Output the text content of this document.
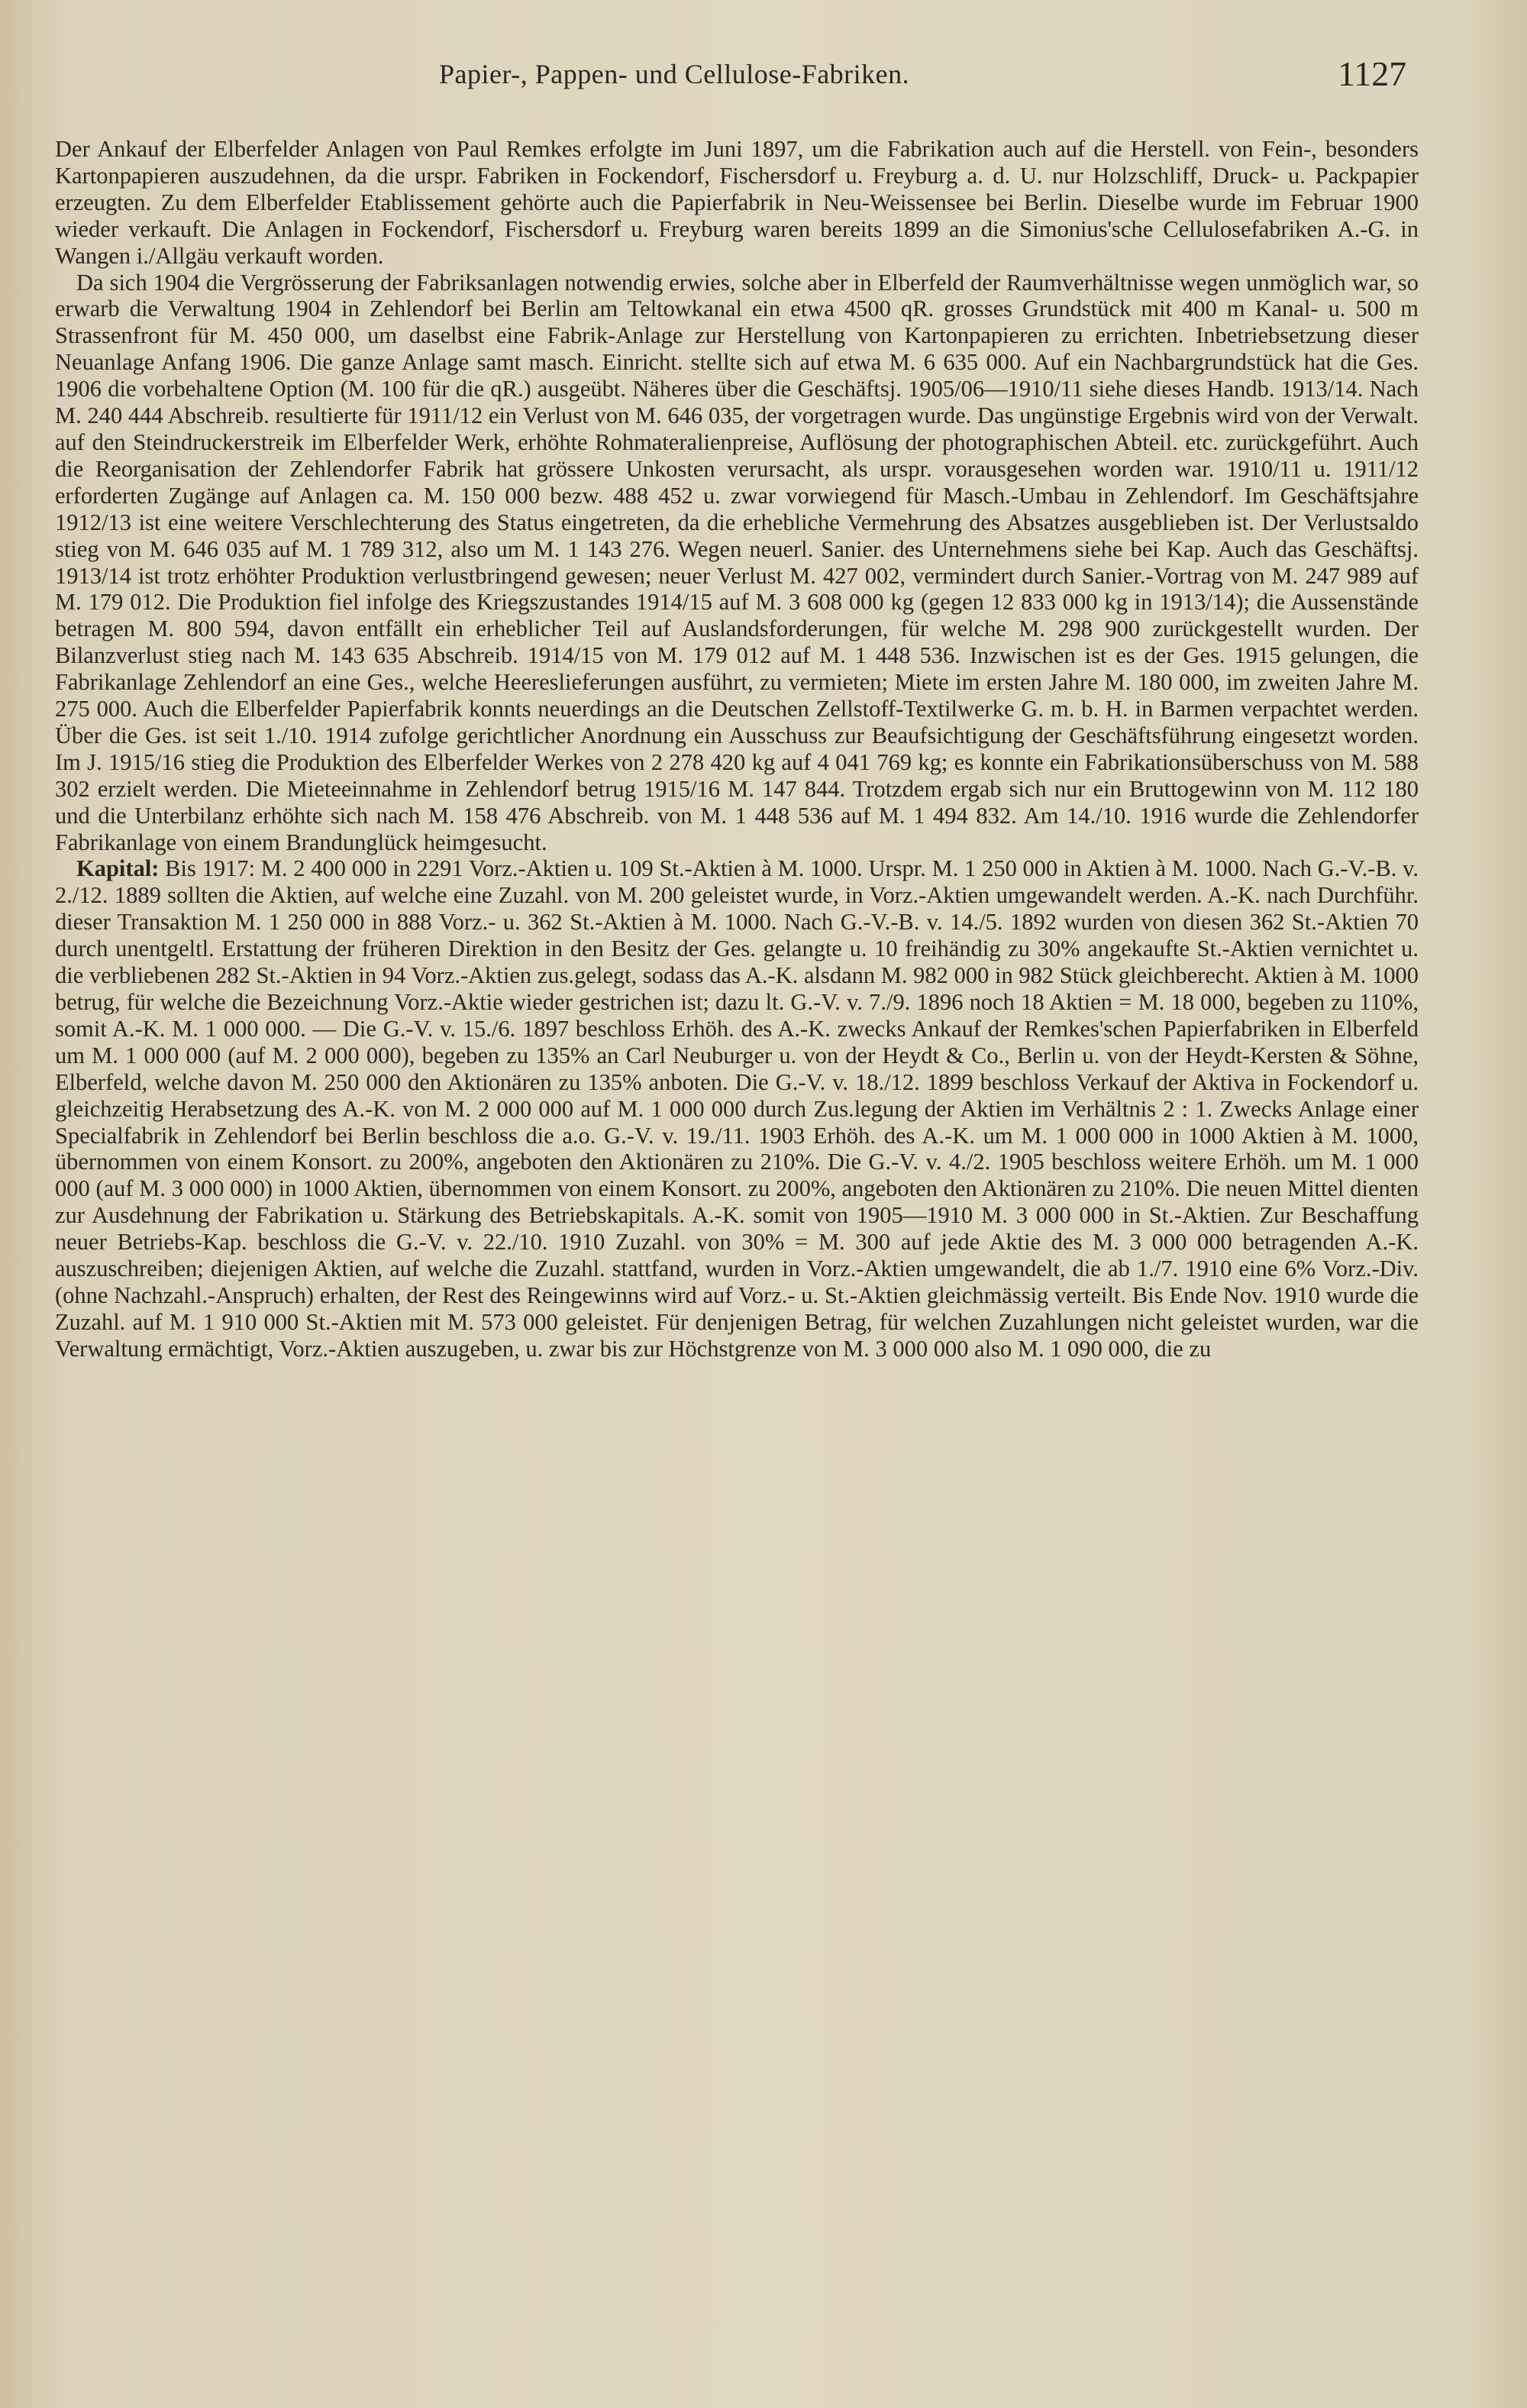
Papier-, Pappen- und Cellulose-Fabriken.	1127

Der Ankauf der Elberfelder Anlagen von Paul Remkes erfolgte im Juni 1897, um die Fabrikation auch auf die Herstell. von Fein-, besonders Kartonpapieren auszudehnen, da die urspr. Fabriken in Fockendorf, Fischersdorf u. Freyburg a. d. U. nur Holzschliff, Druck- u. Packpapier erzeugten. Zu dem Elberfelder Etablissement gehörte auch die Papierfabrik in Neu-Weissensee bei Berlin. Dieselbe wurde im Februar 1900 wieder verkauft. Die Anlagen in Fockendorf, Fischersdorf u. Freyburg waren bereits 1899 an die Simonius'sche Cellulosefabriken A.-G. in Wangen i./Allgäu verkauft worden.

Da sich 1904 die Vergrösserung der Fabriksanlagen notwendig erwies, solche aber in Elberfeld der Raumverhältnisse wegen unmöglich war, so erwarb die Verwaltung 1904 in Zehlendorf bei Berlin am Teltowkanal ein etwa 4500 qR. grosses Grundstück mit 400 m Kanal- u. 500 m Strassenfront für M. 450 000, um daselbst eine Fabrik-Anlage zur Herstellung von Kartonpapieren zu errichten. Inbetriebsetzung dieser Neuanlage Anfang 1906. Die ganze Anlage samt masch. Einricht. stellte sich auf etwa M. 6 635 000. Auf ein Nachbargrundstück hat die Ges. 1906 die vorbehaltene Option (M. 100 für die qR.) ausgeübt. Näheres über die Geschäftsj. 1905/06—1910/11 siehe dieses Handb. 1913/14. Nach M. 240 444 Abschreib. resultierte für 1911/12 ein Verlust von M. 646 035, der vorgetragen wurde. Das ungünstige Ergebnis wird von der Verwalt. auf den Steindruckerstreik im Elberfelder Werk, erhöhte Rohmateralienpreise, Auflösung der photographischen Abteil. etc. zurückgeführt. Auch die Reorganisation der Zehlendorfer Fabrik hat grössere Unkosten verursacht, als urspr. vorausgesehen worden war. 1910/11 u. 1911/12 erforderten Zugänge auf Anlagen ca. M. 150 000 bezw. 488 452 u. zwar vorwiegend für Masch.-Umbau in Zehlendorf. Im Geschäftsjahre 1912/13 ist eine weitere Verschlechterung des Status eingetreten, da die erhebliche Vermehrung des Absatzes ausgeblieben ist. Der Verlustsaldo stieg von M. 646 035 auf M. 1 789 312, also um M. 1 143 276. Wegen neuerl. Sanier. des Unternehmens siehe bei Kap. Auch das Geschäftsj. 1913/14 ist trotz erhöhter Produktion verlustbringend gewesen; neuer Verlust M. 427 002, vermindert durch Sanier.-Vortrag von M. 247 989 auf M. 179 012. Die Produktion fiel infolge des Kriegszustandes 1914/15 auf M. 3 608 000 kg (gegen 12 833 000 kg in 1913/14); die Aussenstände betragen M. 800 594, davon entfällt ein erheblicher Teil auf Auslandsforderungen, für welche M. 298 900 zurückgestellt wurden. Der Bilanzverlust stieg nach M. 143 635 Abschreib. 1914/15 von M. 179 012 auf M. 1 448 536. Inzwischen ist es der Ges. 1915 gelungen, die Fabrikanlage Zehlendorf an eine Ges., welche Heereslieferungen ausführt, zu vermieten; Miete im ersten Jahre M. 180 000, im zweiten Jahre M. 275 000. Auch die Elberfelder Papierfabrik konnts neuerdings an die Deutschen Zellstoff-Textilwerke G. m. b. H. in Barmen verpachtet werden. Über die Ges. ist seit 1./10. 1914 zufolge gerichtlicher Anordnung ein Ausschuss zur Beaufsichtigung der Geschäftsführung eingesetzt worden. Im J. 1915/16 stieg die Produktion des Elberfelder Werkes von 2 278 420 kg auf 4 041 769 kg; es konnte ein Fabrikationsüberschuss von M. 588 302 erzielt werden. Die Mieteeinnahme in Zehlendorf betrug 1915/16 M. 147 844. Trotzdem ergab sich nur ein Bruttogewinn von M. 112 180 und die Unterbilanz erhöhte sich nach M. 158 476 Abschreib. von M. 1 448 536 auf M. 1 494 832. Am 14./10. 1916 wurde die Zehlendorfer Fabrikanlage von einem Brandunglück heimgesucht.

Kapital: Bis 1917: M. 2 400 000 in 2291 Vorz.-Aktien u. 109 St.-Aktien à M. 1000. Urspr. M. 1 250 000 in Aktien à M. 1000. Nach G.-V.-B. v. 2./12. 1889 sollten die Aktien, auf welche eine Zuzahl. von M. 200 geleistet wurde, in Vorz.-Aktien umgewandelt werden. A.-K. nach Durchführ. dieser Transaktion M. 1 250 000 in 888 Vorz.- u. 362 St.-Aktien à M. 1000. Nach G.-V.-B. v. 14./5. 1892 wurden von diesen 362 St.-Aktien 70 durch unentgeltl. Erstattung der früheren Direktion in den Besitz der Ges. gelangte u. 10 freihändig zu 30% angekaufte St.-Aktien vernichtet u. die verbliebenen 282 St.-Aktien in 94 Vorz.-Aktien zus.gelegt, sodass das A.-K. alsdann M. 982 000 in 982 Stück gleichberecht. Aktien à M. 1000 betrug, für welche die Bezeichnung Vorz.-Aktie wieder gestrichen ist; dazu lt. G.-V. v. 7./9. 1896 noch 18 Aktien = M. 18 000, begeben zu 110%, somit A.-K. M. 1 000 000. — Die G.-V. v. 15./6. 1897 beschloss Erhöh. des A.-K. zwecks Ankauf der Remkes'schen Papierfabriken in Elberfeld um M. 1 000 000 (auf M. 2 000 000), begeben zu 135% an Carl Neuburger u. von der Heydt & Co., Berlin u. von der Heydt-Kersten & Söhne, Elberfeld, welche davon M. 250 000 den Aktionären zu 135% anboten. Die G.-V. v. 18./12. 1899 beschloss Verkauf der Aktiva in Fockendorf u. gleichzeitig Herabsetzung des A.-K. von M. 2 000 000 auf M. 1 000 000 durch Zus.legung der Aktien im Verhältnis 2 : 1. Zwecks Anlage einer Specialfabrik in Zehlendorf bei Berlin beschloss die a.o. G.-V. v. 19./11. 1903 Erhöh. des A.-K. um M. 1 000 000 in 1000 Aktien à M. 1000, übernommen von einem Konsort. zu 200%, angeboten den Aktionären zu 210%. Die G.-V. v. 4./2. 1905 beschloss weitere Erhöh. um M. 1 000 000 (auf M. 3 000 000) in 1000 Aktien, übernommen von einem Konsort. zu 200%, angeboten den Aktionären zu 210%. Die neuen Mittel dienten zur Ausdehnung der Fabrikation u. Stärkung des Betriebskapitals. A.-K. somit von 1905—1910 M. 3 000 000 in St.-Aktien. Zur Beschaffung neuer Betriebs-Kap. beschloss die G.-V. v. 22./10. 1910 Zuzahl. von 30% = M. 300 auf jede Aktie des M. 3 000 000 betragenden A.-K. auszuschreiben; diejenigen Aktien, auf welche die Zuzahl. stattfand, wurden in Vorz.-Aktien umgewandelt, die ab 1./7. 1910 eine 6% Vorz.-Div. (ohne Nachzahl.-Anspruch) erhalten, der Rest des Reingewinns wird auf Vorz.- u. St.-Aktien gleichmässig verteilt. Bis Ende Nov. 1910 wurde die Zuzahl. auf M. 1 910 000 St.-Aktien mit M. 573 000 geleistet. Für denjenigen Betrag, für welchen Zuzahlungen nicht geleistet wurden, war die Verwaltung ermächtigt, Vorz.-Aktien auszugeben, u. zwar bis zur Höchstgrenze von M. 3 000 000 also M. 1 090 000, die zu
